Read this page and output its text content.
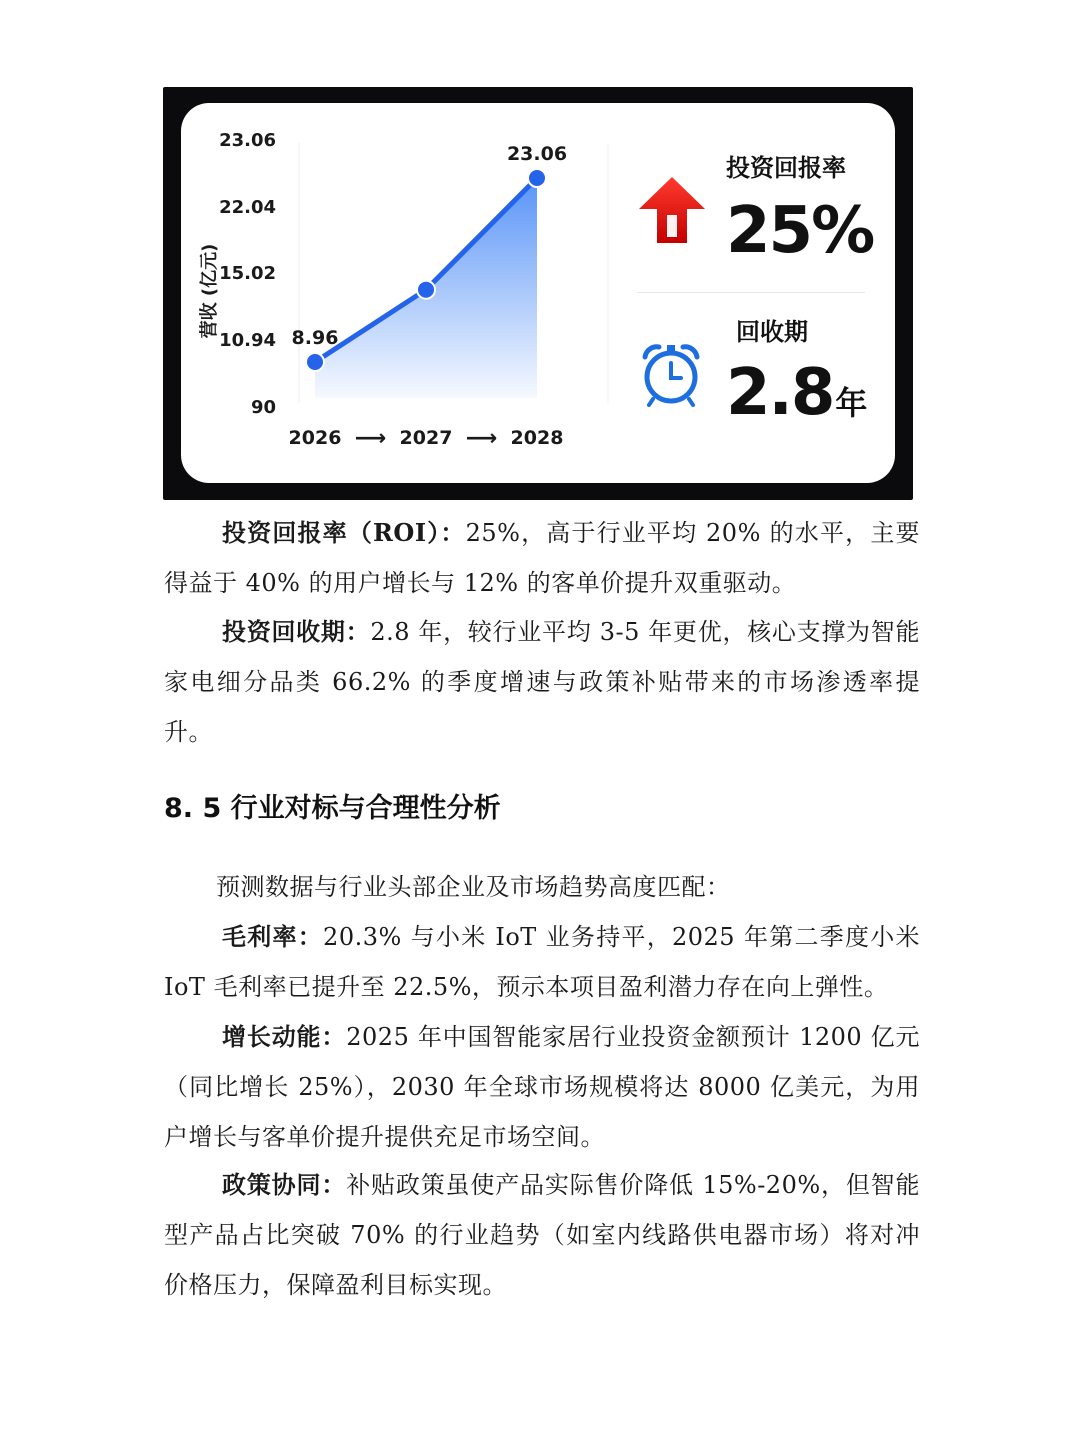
23.06
22.04
15.02
10.94
90
营收 (亿元)	8.96
23.06
2026 ⟶ 2027 ⟶ 2028
投资回报率
25%
回收期
2.8年

投资回报率（ROI）：25%，高于行业平均 20% 的水平，主要得益于 40% 的用户增长与 12% 的客单价提升双重驱动。

投资回收期：2.8 年，较行业平均 3-5 年更优，核心支撑为智能家电细分品类 66.2% 的季度增速与政策补贴带来的市场渗透率提升。

8. 5 行业对标与合理性分析

预测数据与行业头部企业及市场趋势高度匹配：

毛利率：20.3% 与小米 IoT 业务持平，2025 年第二季度小米 IoT 毛利率已提升至 22.5%，预示本项目盈利潜力存在向上弹性。

增长动能：2025 年中国智能家居行业投资金额预计 1200 亿元（同比增长 25%），2030 年全球市场规模将达 8000 亿美元，为用户增长与客单价提升提供充足市场空间。

政策协同：补贴政策虽使产品实际售价降低 15%-20%，但智能型产品占比突破 70% 的行业趋势（如室内线路供电器市场）将对冲价格压力，保障盈利目标实现。
